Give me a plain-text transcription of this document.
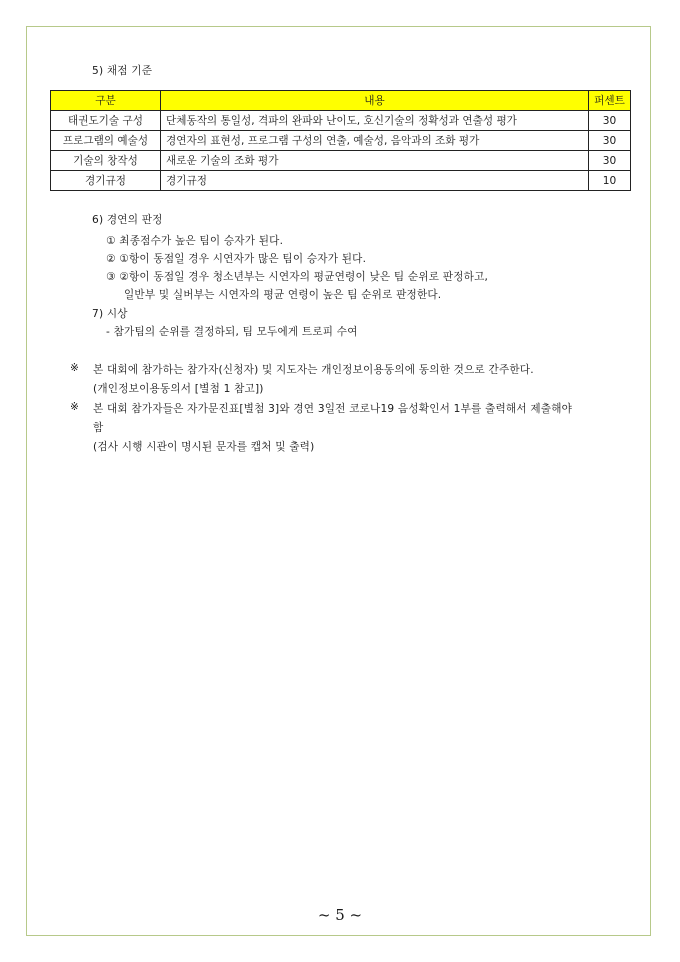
5) 채점 기준
구분	내용	퍼센트
태권도기술 구성	단체동작의 통일성, 격파의 완파와 난이도, 호신기술의 정확성과 연출성 평가	30
프로그램의 예술성	경연자의 표현성, 프로그램 구성의 연출, 예술성, 음악과의 조화 평가	30
기술의 창작성	새로운 기술의 조화 평가	30
경기규정	경기규정	10
6) 경연의 판정
① 최종점수가 높은 팀이 승자가 된다.
② ①항이 동점일 경우 시연자가 많은 팀이 승자가 된다.
③ ②항이 동점일 경우 청소년부는 시연자의 평균연령이 낮은 팀 순위로 판정하고,
일반부 및 실버부는 시연자의 평균 연령이 높은 팀 순위로 판정한다.
7) 시상
- 참가팀의 순위를 결정하되, 팀 모두에게 트로피 수여
※ 본 대회에 참가하는 참가자(신청자) 및 지도자는 개인정보이용동의에 동의한 것으로 간주한다.
(개인정보이용동의서 [별첨 1 참고])
※ 본 대회 참가자들은 자가문진표[별첨 3]와 경연 3일전 코로나19 음성확인서 1부를 출력해서 제출해야
함
(검사 시행 시관이 명시된 문자를 캡처 및 출력)
~ 5 ~
